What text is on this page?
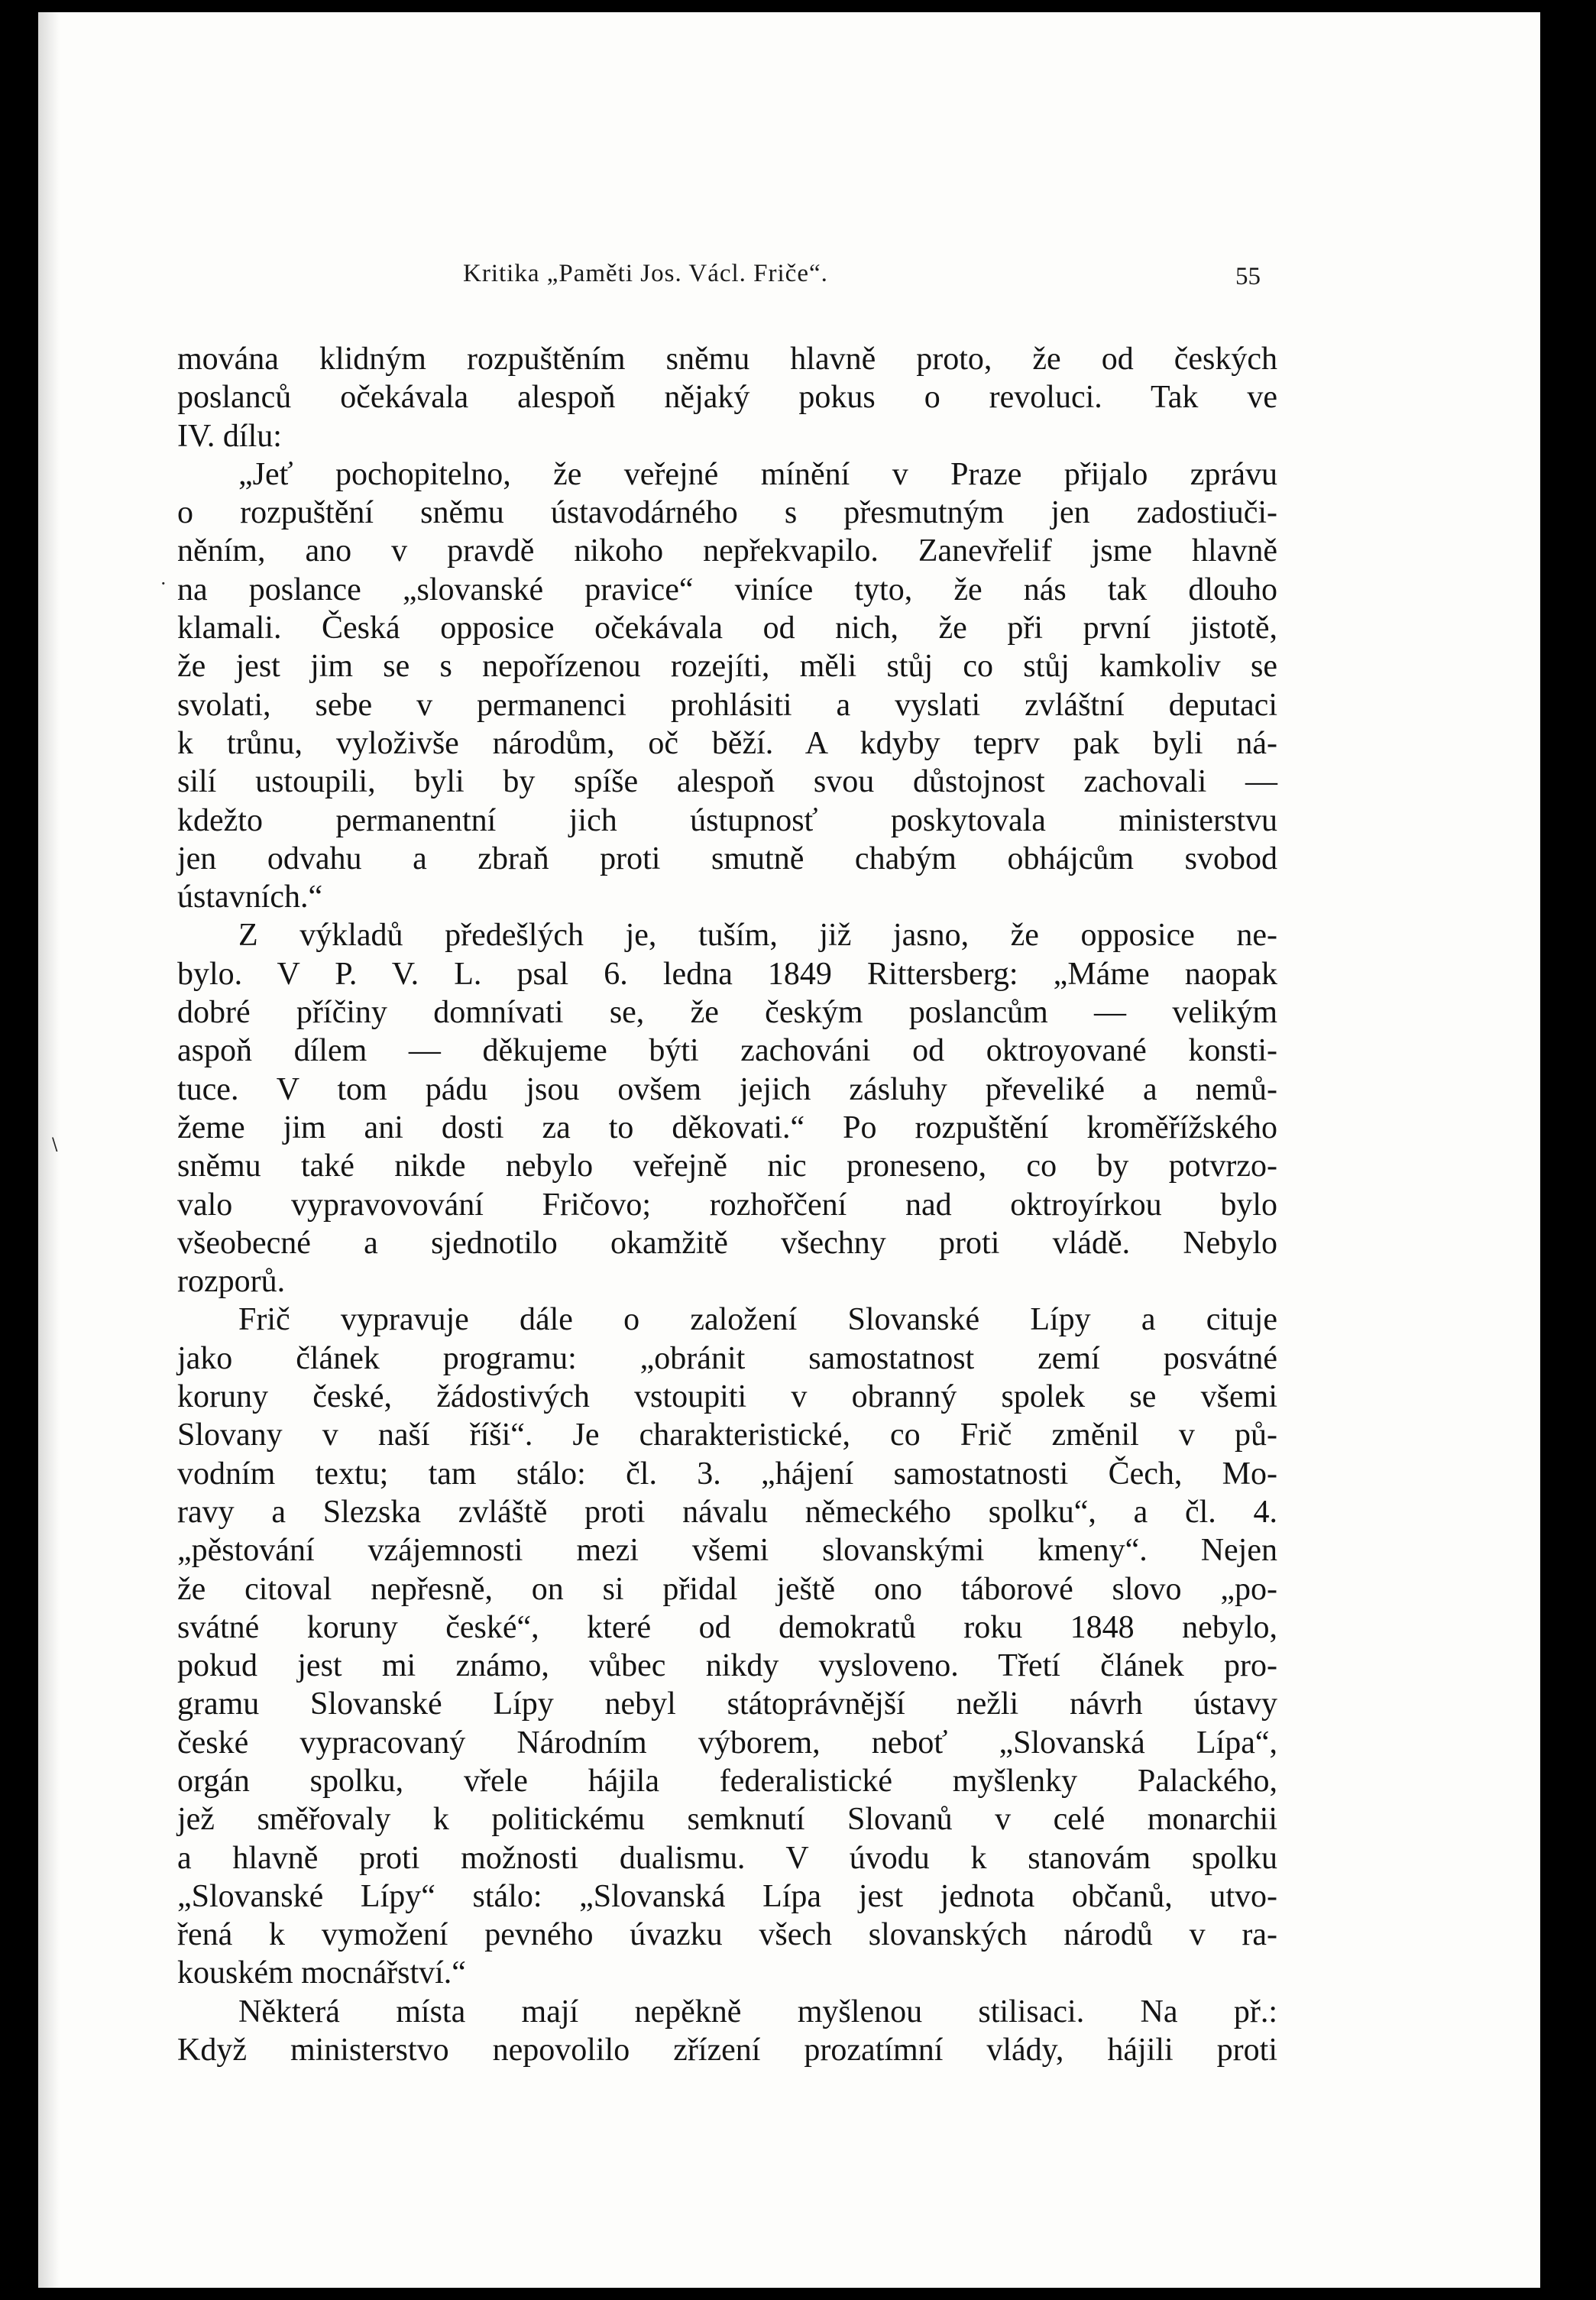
\
Kritika „Paměti Jos. Václ. Friče“.	55
·
mována klidným rozpuštěním sněmu hlavně proto, že od českých
poslanců očekávala alespoň nějaký pokus o revoluci. Tak ve
IV. dílu:
„Jeť pochopitelno, že veřejné mínění v Praze přijalo zprávu
o rozpuštění sněmu ústavodárného s přesmutným jen zadostiuči-
něním, ano v pravdě nikoho nepřekvapilo. Zanevřelif jsme hlavně
na poslance „slovanské pravice“ viníce tyto, že nás tak dlouho
klamali. Česká opposice očekávala od nich, že při první jistotě,
že jest jim se s nepořízenou rozejíti, měli stůj co stůj kamkoliv se
svolati, sebe v permanenci prohlásiti a vyslati zvláštní deputaci
k trůnu, vyloživše národům, oč běží. A kdyby teprv pak byli ná-
silí ustoupili, byli by spíše alespoň svou důstojnost zachovali —
kdežto permanentní jich ústupnosť poskytovala ministerstvu
jen odvahu a zbraň proti smutně chabým obhájcům svobod
ústavních.“
Z výkladů předešlých je, tuším, již jasno, že opposice ne-
bylo. V P. V. L. psal 6. ledna 1849 Rittersberg: „Máme naopak
dobré příčiny domnívati se, že českým poslancům — velikým
aspoň dílem — děkujeme býti zachováni od oktroyované konsti-
tuce. V tom pádu jsou ovšem jejich zásluhy převeliké a nemů-
žeme jim ani dosti za to děkovati.“ Po rozpuštění kroměřížského
sněmu také nikde nebylo veřejně nic proneseno, co by potvrzo-
valo vypravovování Fričovo; rozhořčení nad oktroyírkou bylo
všeobecné a sjednotilo okamžitě všechny proti vládě. Nebylo
rozporů.
Frič vypravuje dále o založení Slovanské Lípy a cituje
jako článek programu: „obránit samostatnost zemí posvátné
koruny české, žádostivých vstoupiti v obranný spolek se všemi
Slovany v naší říši“. Je charakteristické, co Frič změnil v pů-
vodním textu; tam stálo: čl. 3. „hájení samostatnosti Čech, Mo-
ravy a Slezska zvláště proti návalu německého spolku“, a čl. 4.
„pěstování vzájemnosti mezi všemi slovanskými kmeny“. Nejen
že citoval nepřesně, on si přidal ještě ono táborové slovo „po-
svátné koruny české“, které od demokratů roku 1848 nebylo,
pokud jest mi známo, vůbec nikdy vysloveno. Třetí článek pro-
gramu Slovanské Lípy nebyl státoprávnější nežli návrh ústavy
české vypracovaný Národním výborem, neboť „Slovanská Lípa“,
orgán spolku, vřele hájila federalistické myšlenky Palackého,
jež směřovaly k politickému semknutí Slovanů v celé monarchii
a hlavně proti možnosti dualismu. V úvodu k stanovám spolku
„Slovanské Lípy“ stálo: „Slovanská Lípa jest jednota občanů, utvo-
řená k vymožení pevného úvazku všech slovanských národů v ra-
kouském mocnářství.“
Některá místa mají nepěkně myšlenou stilisaci. Na př.:
Když ministerstvo nepovolilo zřízení prozatímní vlády, hájili proti
